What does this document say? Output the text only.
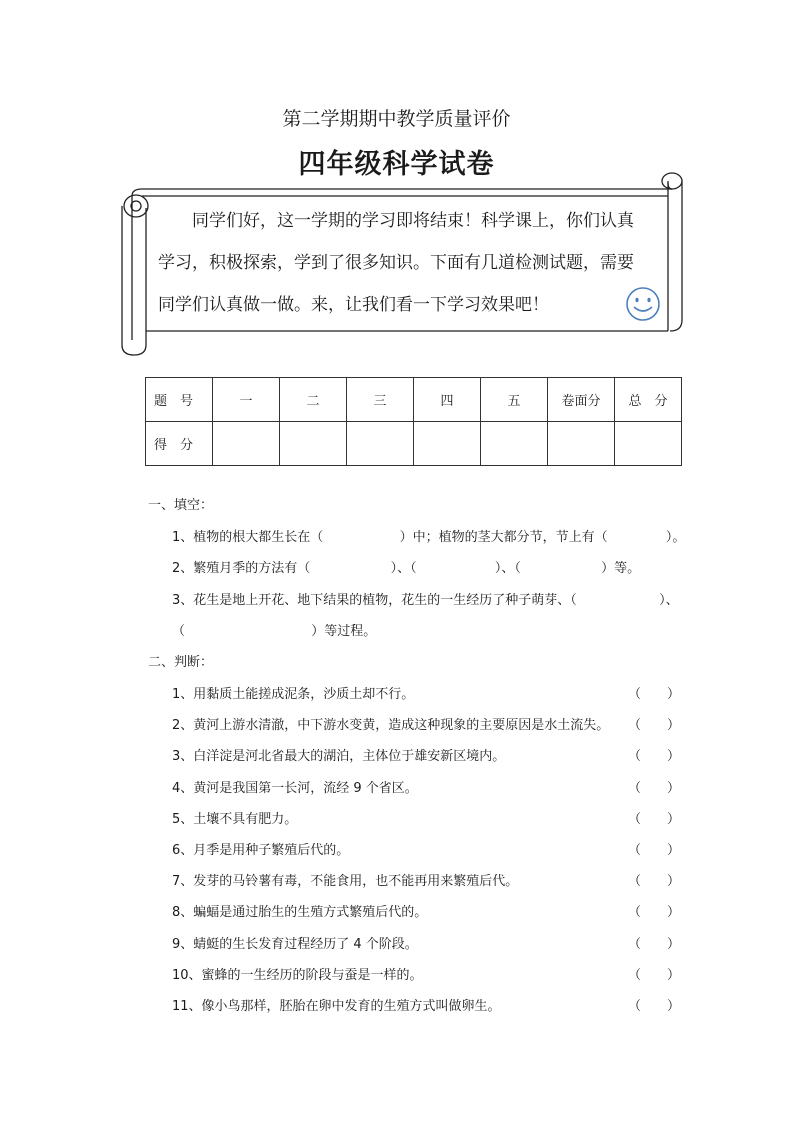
第二学期期中教学质量评价
四年级科学试卷

同学们好，这一学期的学习即将结束！科学课上，你们认真

学习，积极探索，学到了很多知识。下面有几道检测试题，需要

同学们认真做一做。来，让我们看一下学习效果吧！

题　号	一	二	三	四	五	卷面分	总　分
得　分							
一、填空：
1、植物的根大都生长在（	）中；植物的茎大都分节，节上有（	）。
2、繁殖月季的方法有（	）、（	）、（	）等。
3、花生是地上开花、地下结果的植物，花生的一生经历了种子萌芽、（	）、
（	）等过程。
二、判断：
1、用黏质土能搓成泥条，沙质土却不行。	（　　）
2、黄河上游水清澈，中下游水变黄，造成这种现象的主要原因是水土流失。 （　　）
3、白洋淀是河北省最大的湖泊，主体位于雄安新区境内。	（　　）
4、黄河是我国第一长河，流经 9 个省区。	（　　）
5、土壤不具有肥力。	（　　）
6、月季是用种子繁殖后代的。	（　　）
7、发芽的马铃薯有毒，不能食用，也不能再用来繁殖后代。	（　　）
8、蝙蝠是通过胎生的生殖方式繁殖后代的。	（　　）
9、蜻蜓的生长发育过程经历了 4 个阶段。	（　　）
10、蜜蜂的一生经历的阶段与蚕是一样的。	（　　）
11、像小鸟那样，胚胎在卵中发育的生殖方式叫做卵生。	（　　）
